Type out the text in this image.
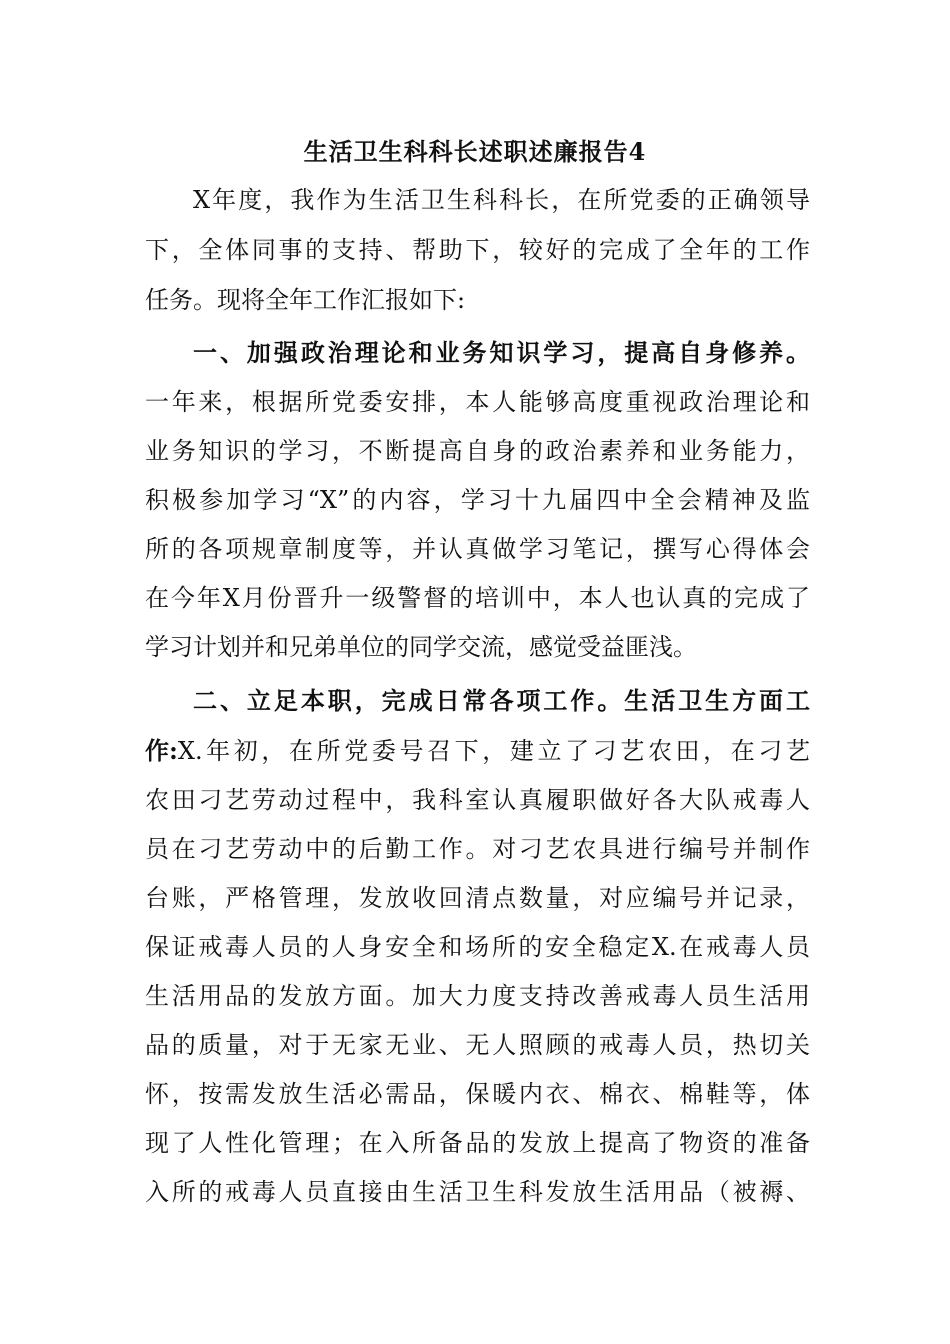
生活卫生科科长述职述廉报告4
X年度，我作为生活卫生科科长，在所党委的正确领导
下，全体同事的支持、帮助下，较好的完成了全年的工作
任务。现将全年工作汇报如下:
一、加强政治理论和业务知识学习，提高自身修养。
一年来，根据所党委安排，本人能够高度重视政治理论和
业务知识的学习，不断提高自身的政治素养和业务能力，
积极参加学习“X”的内容，学习十九届四中全会精神及监
所的各项规章制度等，并认真做学习笔记，撰写心得体会
在今年X月份晋升一级警督的培训中，本人也认真的完成了
学习计划并和兄弟单位的同学交流，感觉受益匪浅。
二、立足本职，完成日常各项工作。生活卫生方面工
作: X.年初，在所党委号召下，建立了刁艺农田，在刁艺
农田刁艺劳动过程中，我科室认真履职做好各大队戒毒人
员在刁艺劳动中的后勤工作。对刁艺农具进行编号并制作
台账，严格管理，发放收回清点数量，对应编号并记录，
保证戒毒人员的人身安全和场所的安全稳定X.在戒毒人员
生活用品的发放方面。加大力度支持改善戒毒人员生活用
品的质量，对于无家无业、无人照顾的戒毒人员，热切关
怀，按需发放生活必需品，保暖内衣、棉衣、棉鞋等，体
现了人性化管理；在入所备品的发放上提高了物资的准备
入所的戒毒人员直接由生活卫生科发放生活用品（被褥、
